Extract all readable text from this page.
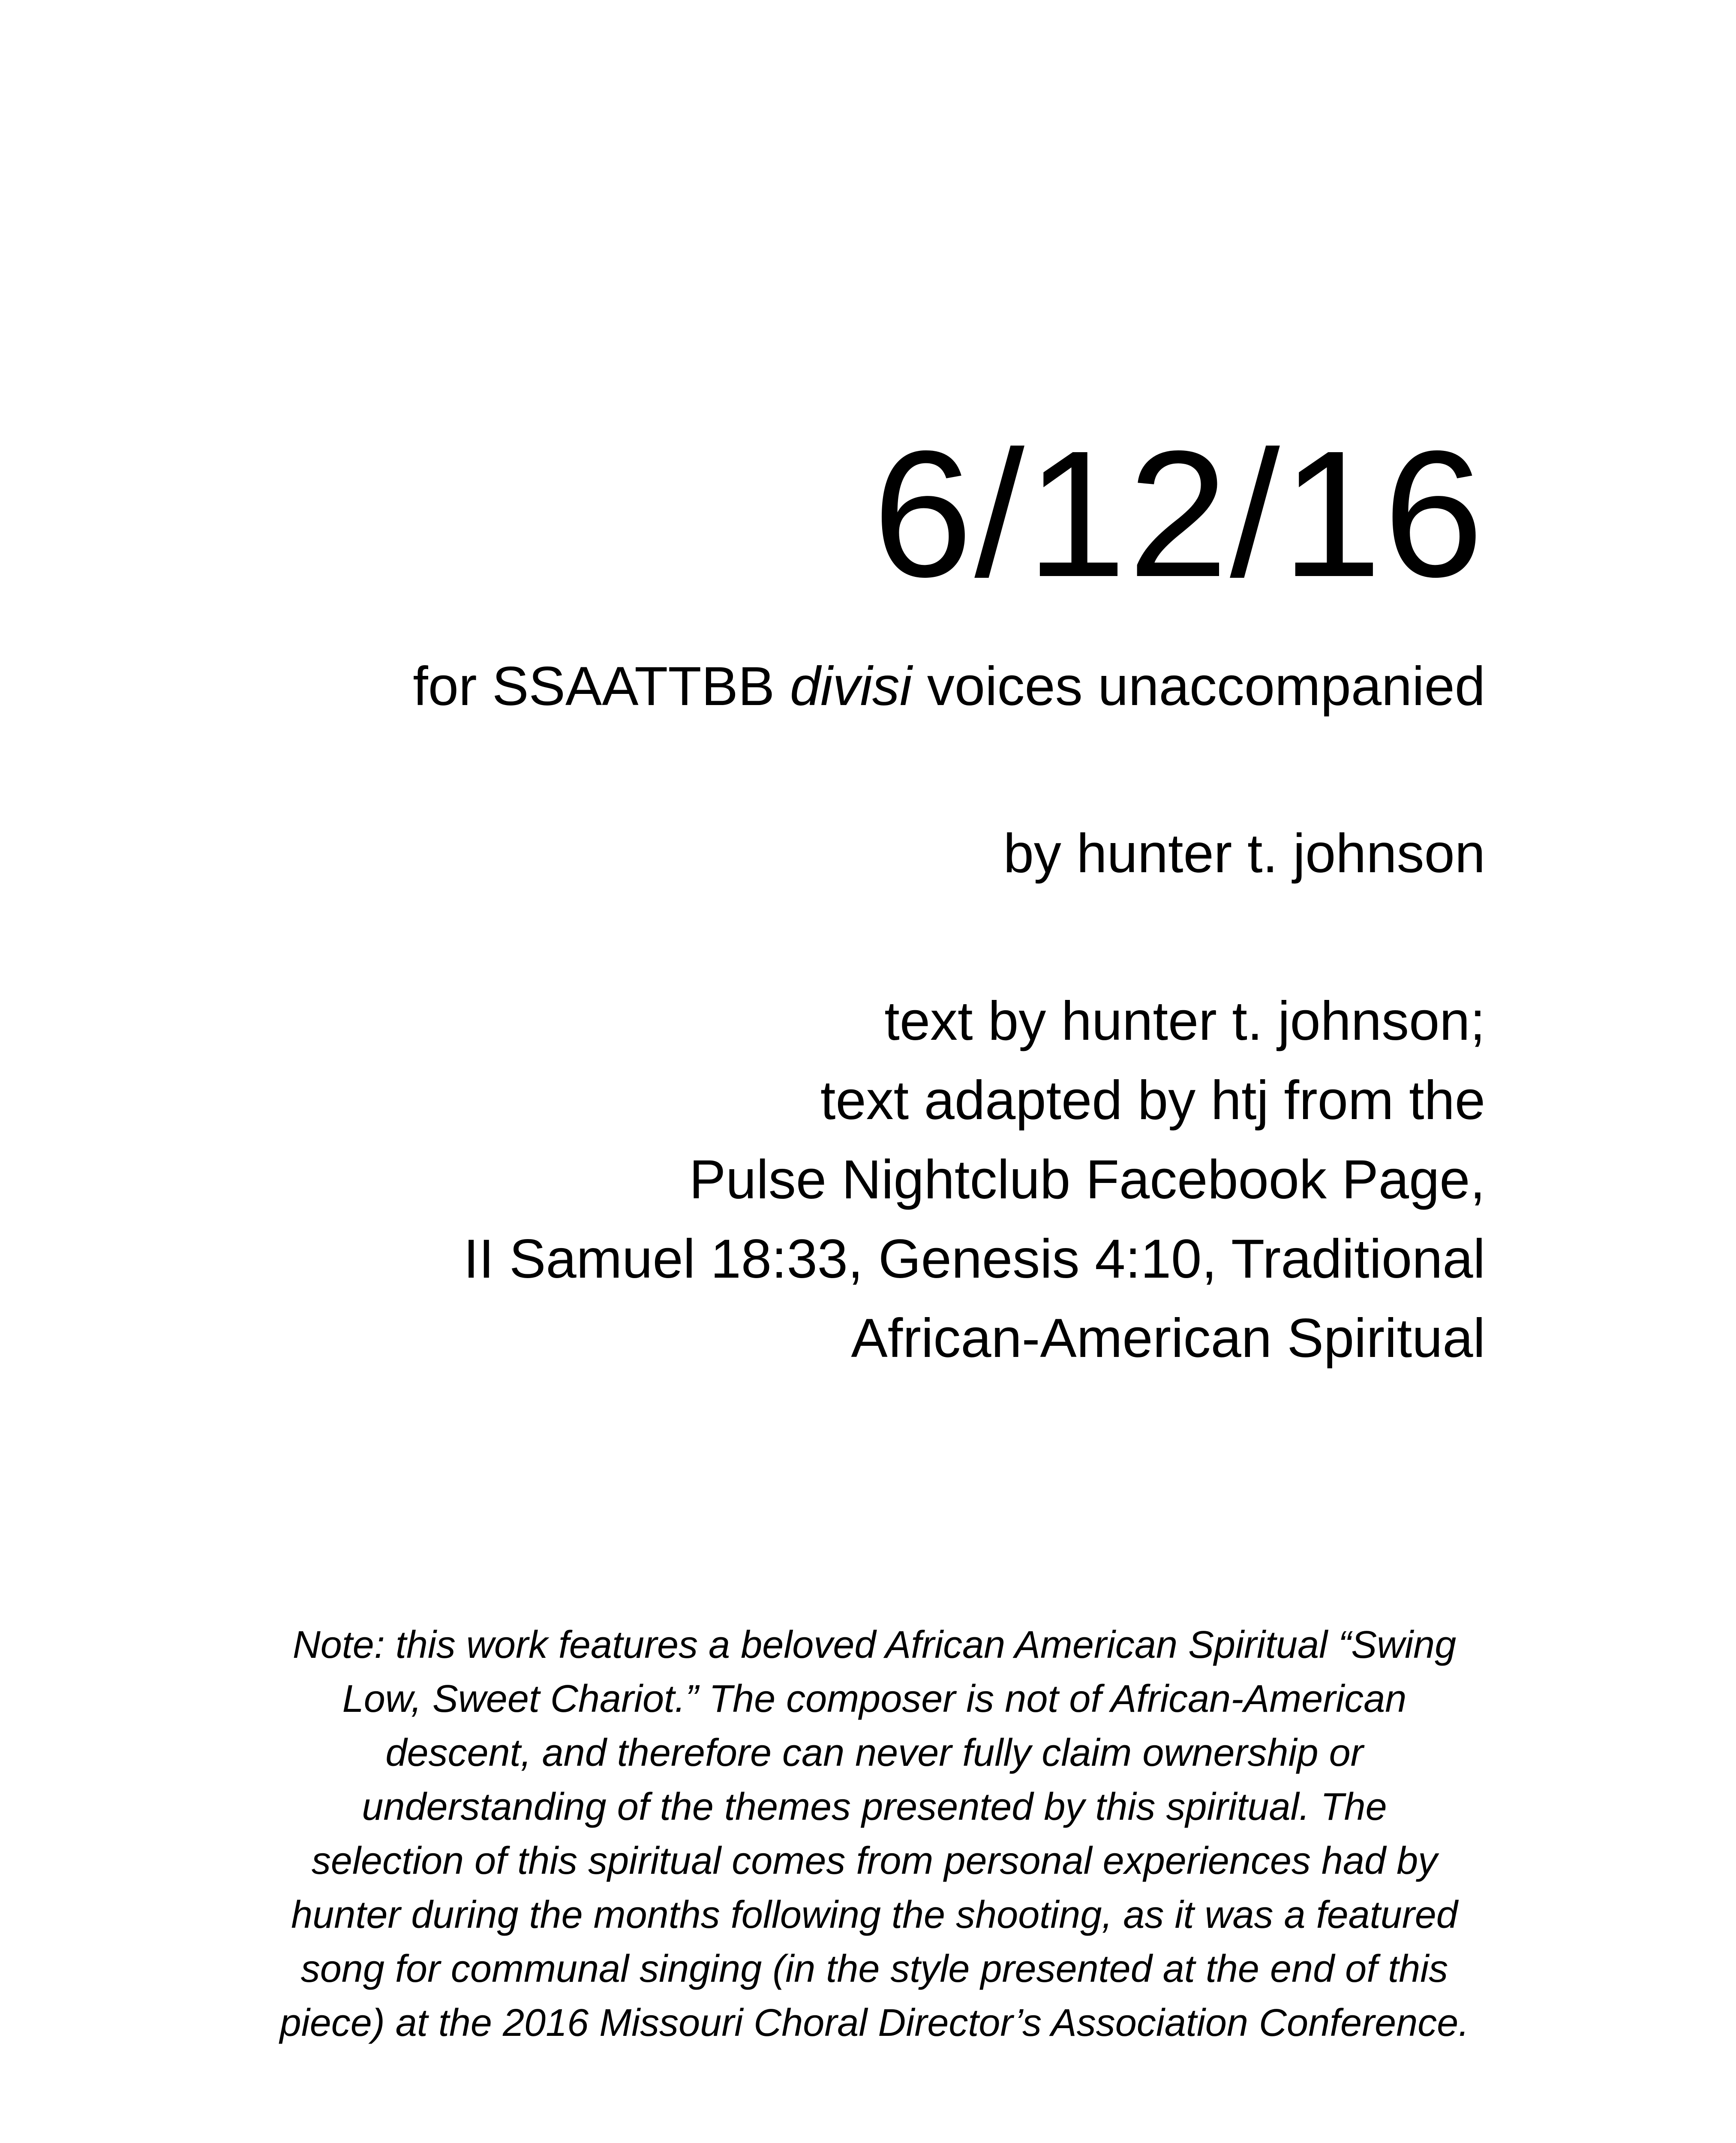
6/12/16
for SSAATTBB divisi voices unaccompanied
by hunter t. johnson
text by hunter t. johnson;
text adapted by htj from the
Pulse Nightclub Facebook Page,
II Samuel 18:33, Genesis 4:10, Traditional
African-American Spiritual
Note: this work features a beloved African American Spiritual “Swing
Low, Sweet Chariot.” The composer is not of African-American
descent, and therefore can never fully claim ownership or
understanding of the themes presented by this spiritual. The
selection of this spiritual comes from personal experiences had by
hunter during the months following the shooting, as it was a featured
song for communal singing (in the style presented at the end of this
piece) at the 2016 Missouri Choral Director’s Association Conference.
